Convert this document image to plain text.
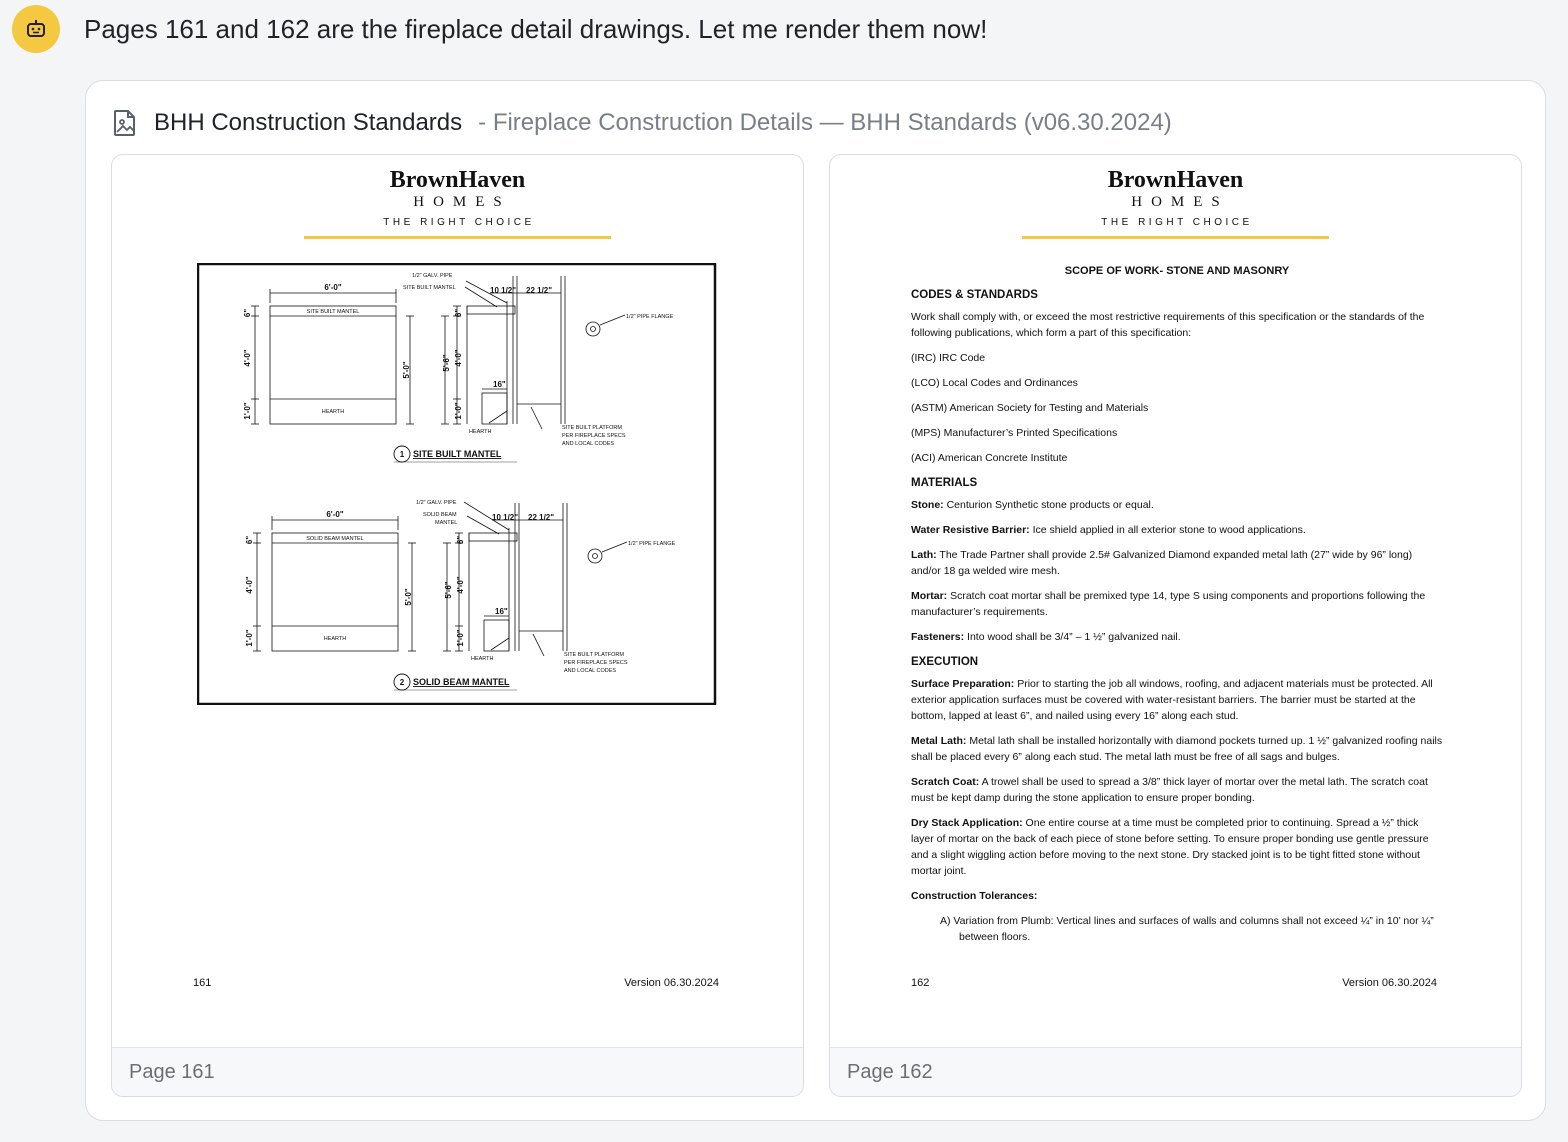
Pages 161 and 162 are the fireplace detail drawings. Let me render them now!
BHH Construction Standards - Fireplace Construction Details — BHH Standards (v06.30.2024)
BrownHaven
HOMES
THE RIGHT CHOICE
6'-0"
SITE BUILT MANTEL
HEARTH
6"
4'-0"
1'-0"
5'-0"
1/2" GALV. PIPE
SITE BUILT MANTEL	10 1/2" 22 1/2"
1/2" PIPE FLANGE
16"
HEARTH
SITE BUILT PLATFORM
PER FIREPLACE SPECS
AND LOCAL CODES
6"
4'-0"
1'-0"
5'-6"
1 SITE BUILT MANTEL
6'-0"
SOLID BEAM MANTEL
HEARTH
6"
4'-0"
1'-0"
5'-0"
1/2" GALV. PIPE
SOLID BEAM
MANTEL
10 1/2" 22 1/2"
1/2" PIPE FLANGE
16"
HEARTH
SITE BUILT PLATFORM
PER FIREPLACE SPECS
AND LOCAL CODES
6"
4'-0"
1'-0"
5'-6"
2 SOLID BEAM MANTEL
161	Version 06.30.2024
Page 161
BrownHaven
HOMES
THE RIGHT CHOICE
SCOPE OF WORK- STONE AND MASONRY
CODES & STANDARDS

Work shall comply with, or exceed the most restrictive requirements of this specification or the standards of the following publications, which form a part of this specification:

(IRC) IRC Code

(LCO) Local Codes and Ordinances

(ASTM) American Society for Testing and Materials

(MPS) Manufacturer’s Printed Specifications

(ACI) American Concrete Institute

MATERIALS

Stone: Centurion Synthetic stone products or equal.

Water Resistive Barrier: Ice shield applied in all exterior stone to wood applications.

Lath: The Trade Partner shall provide 2.5# Galvanized Diamond expanded metal lath (27” wide by 96” long) and/or 18 ga welded wire mesh.

Mortar: Scratch coat mortar shall be premixed type 14, type S using components and proportions following the manufacturer’s requirements.

Fasteners: Into wood shall be 3/4” – 1 ½” galvanized nail.

EXECUTION

Surface Preparation: Prior to starting the job all windows, roofing, and adjacent materials must be protected. All exterior application surfaces must be covered with water-resistant barriers. The barrier must be started at the bottom, lapped at least 6”, and nailed using every 16” along each stud.

Metal Lath: Metal lath shall be installed horizontally with diamond pockets turned up. 1 ½” galvanized roofing nails shall be placed every 6” along each stud. The metal lath must be free of all sags and bulges.

Scratch Coat: A trowel shall be used to spread a 3/8” thick layer of mortar over the metal lath. The scratch coat must be kept damp during the stone application to ensure proper bonding.

Dry Stack Application: One entire course at a time must be completed prior to continuing. Spread a ½” thick layer of mortar on the back of each piece of stone before setting. To ensure proper bonding use gentle pressure and a slight wiggling action before moving to the next stone. Dry stacked joint is to be tight fitted stone without mortar joint.

Construction Tolerances:

A) Variation from Plumb: Vertical lines and surfaces of walls and columns shall not exceed ¼” in 10’ nor ¼” between floors.

162	Version 06.30.2024
Page 162
